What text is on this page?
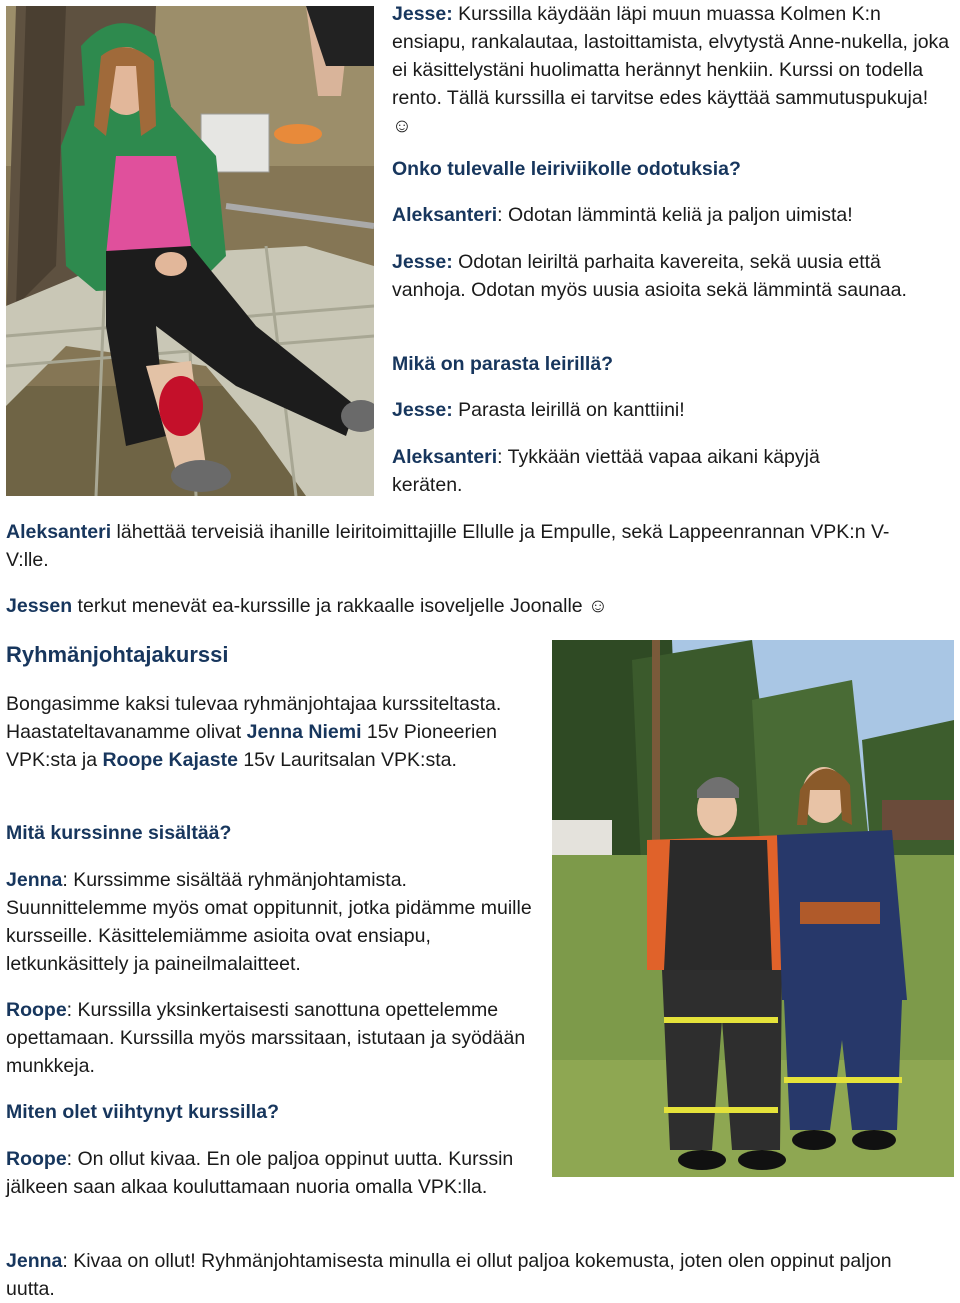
Jesse: Kurssilla käydään läpi muun muassa Kolmen K:n ensiapu, rankalautaa, lastoittamista, elvytystä Anne-nukella, joka ei käsittelystäni huolimatta herännyt henkiin. Kurssi on todella rento. Tällä kurssilla ei tarvitse edes käyttää sammutuspukuja! ☺

Onko tulevalle leiriviikolle odotuksia?

Aleksanteri: Odotan lämmintä keliä ja paljon uimista!

Jesse: Odotan leiriltä parhaita kavereita, sekä uusia että vanhoja. Odotan myös uusia asioita sekä lämmintä saunaa.

Mikä on parasta leirillä?

Jesse: Parasta leirillä on kanttiini!

Aleksanteri: Tykkään viettää vapaa aikani käpyjä keräten.

Aleksanteri lähettää terveisiä ihanille leiritoimittajille Ellulle ja Empulle, sekä Lappeenrannan VPK:n V-V:lle.

Jessen terkut menevät ea-kurssille ja rakkaalle isoveljelle Joonalle ☺

Ryhmänjohtajakurssi

Bongasimme kaksi tulevaa ryhmänjohtajaa kurssiteltasta. Haastateltavanamme olivat Jenna Niemi 15v Pioneerien VPK:sta ja Roope Kajaste 15v Lauritsalan VPK:sta.

Mitä kurssinne sisältää?

Jenna: Kurssimme sisältää ryhmänjohtamista. Suunnittelemme myös omat oppitunnit, jotka pidämme muille kursseille. Käsittelemiämme asioita ovat ensiapu, letkunkäsittely ja paineilmalaitteet.

Roope: Kurssilla yksinkertaisesti sanottuna opettelemme opettamaan. Kurssilla myös marssitaan, istutaan ja syödään munkkeja.

Miten olet viihtynyt kurssilla?

Roope: On ollut kivaa. En ole paljoa oppinut uutta. Kurssin jälkeen saan alkaa kouluttamaan nuoria omalla VPK:lla.

Jenna: Kivaa on ollut! Ryhmänjohtamisesta minulla ei ollut paljoa kokemusta, joten olen oppinut paljon uutta.
